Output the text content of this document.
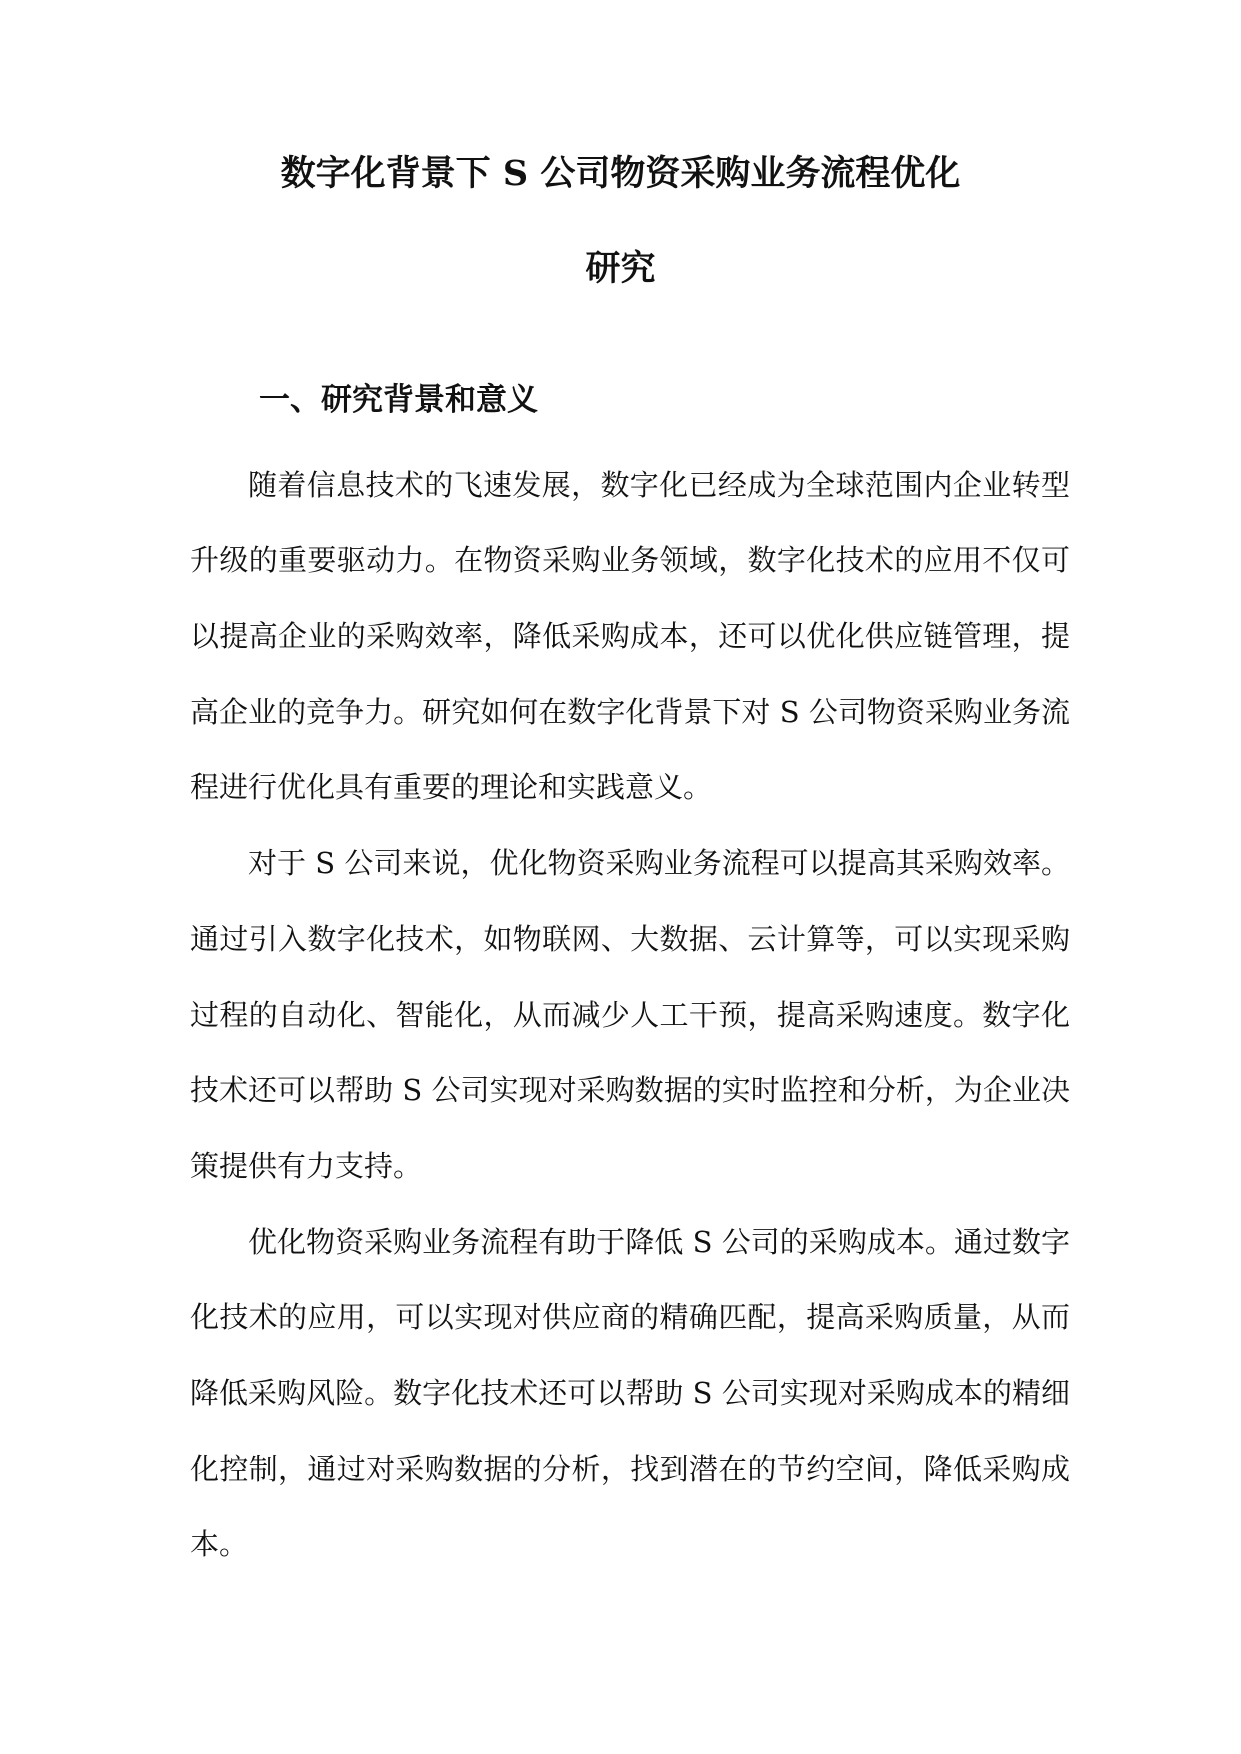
数字化背景下 S 公司物资采购业务流程优化
研究
一、研究背景和意义
随着信息技术的飞速发展，数字化已经成为全球范围内企业转型
升级的重要驱动力。在物资采购业务领域，数字化技术的应用不仅可
以提高企业的采购效率，降低采购成本，还可以优化供应链管理，提
高企业的竞争力。研究如何在数字化背景下对 S 公司物资采购业务流
程进行优化具有重要的理论和实践意义。
对于 S 公司来说，优化物资采购业务流程可以提高其采购效率。
通过引入数字化技术，如物联网、大数据、云计算等，可以实现采购
过程的自动化、智能化，从而减少人工干预，提高采购速度。数字化
技术还可以帮助 S 公司实现对采购数据的实时监控和分析，为企业决
策提供有力支持。
优化物资采购业务流程有助于降低 S 公司的采购成本。通过数字
化技术的应用，可以实现对供应商的精确匹配，提高采购质量，从而
降低采购风险。数字化技术还可以帮助 S 公司实现对采购成本的精细
化控制，通过对采购数据的分析，找到潜在的节约空间，降低采购成
本。
